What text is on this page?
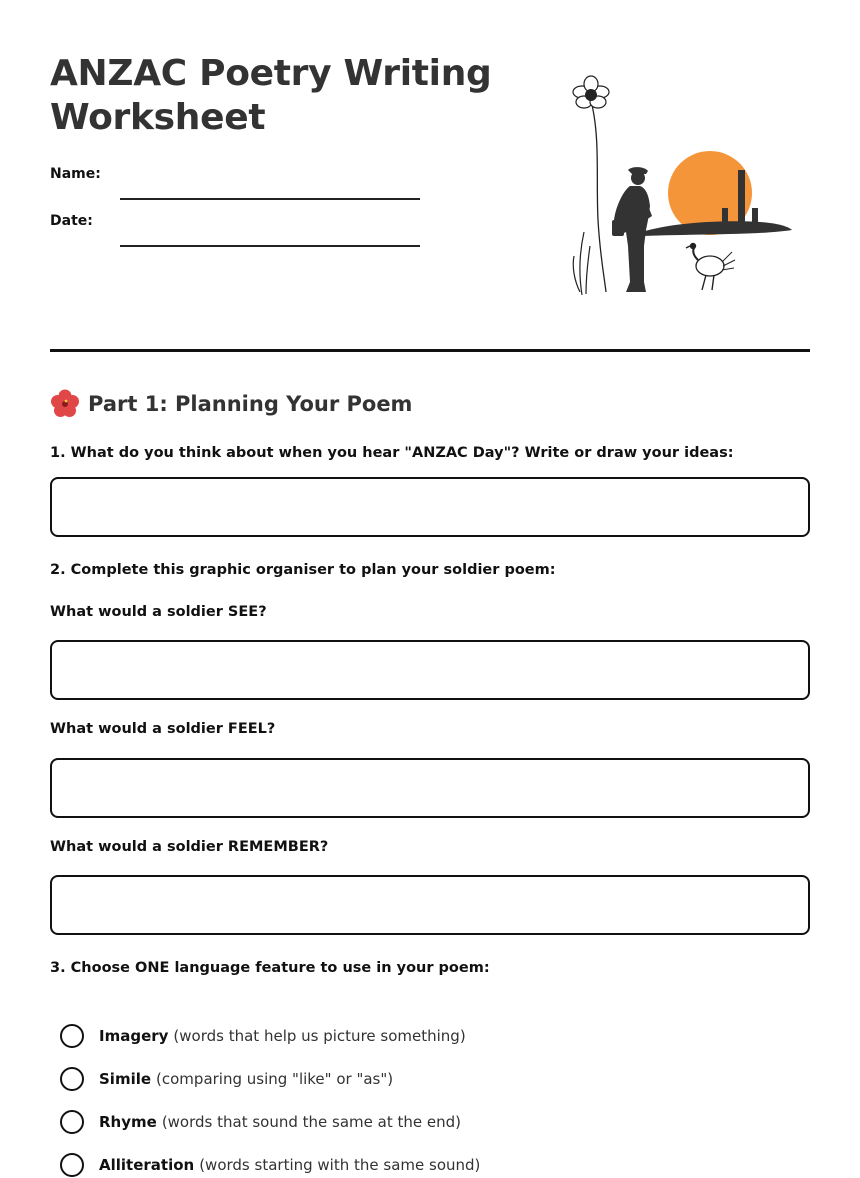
ANZAC Poetry Writing Worksheet
Name:
Date:
Part 1: Planning Your Poem
1. What do you think about when you hear "ANZAC Day"? Write or draw your ideas:
2. Complete this graphic organiser to plan your soldier poem:
What would a soldier SEE?
What would a soldier FEEL?
What would a soldier REMEMBER?
3. Choose ONE language feature to use in your poem:
Imagery (words that help us picture something)
Simile (comparing using "like" or "as")
Rhyme (words that sound the same at the end)
Alliteration (words starting with the same sound)
